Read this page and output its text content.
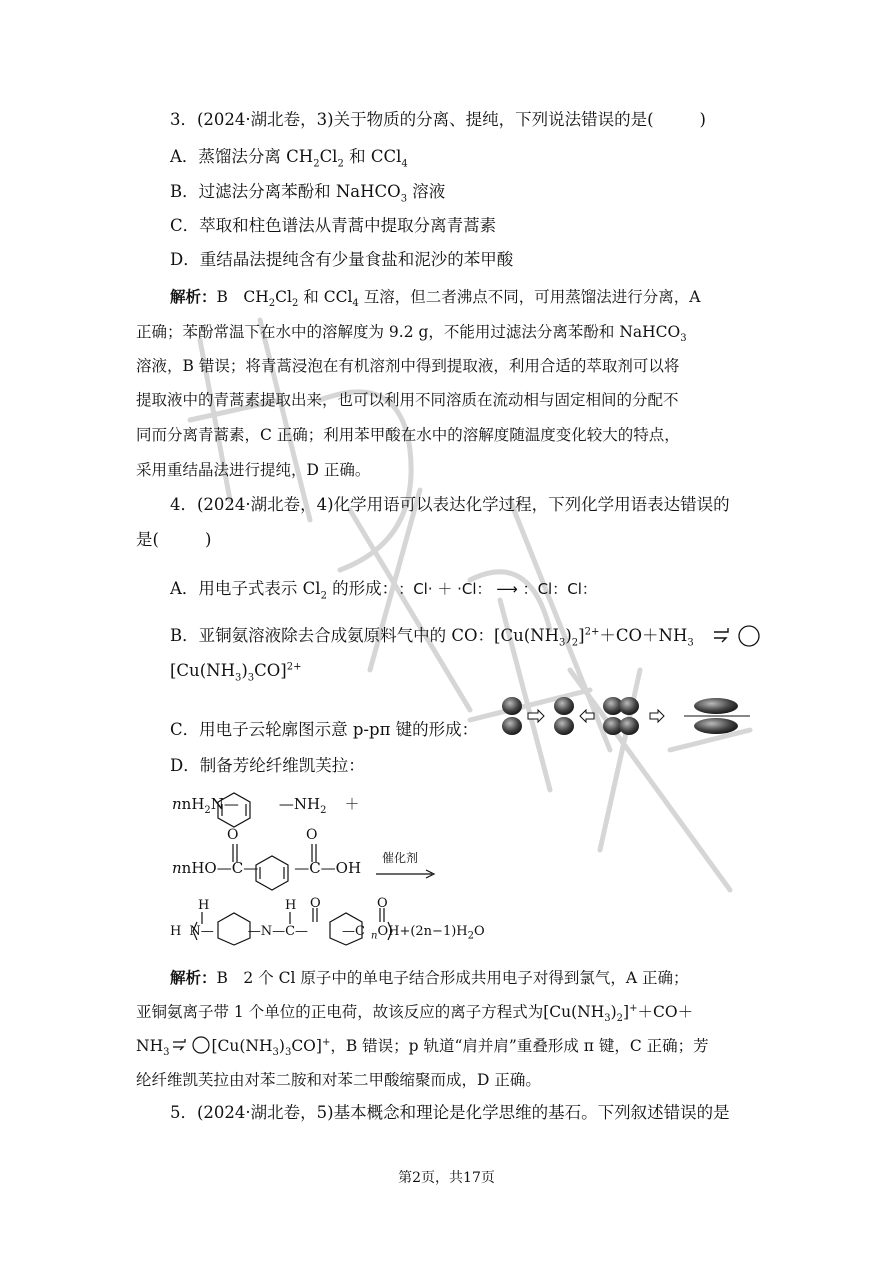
3．(2024·湖北卷，3)关于物质的分离、提纯，下列说法错误的是(	)
A．蒸馏法分离 $CH_2Cl_2$ 和 CCl$_4$
B．过滤法分离苯酚和 NaHCO$_3$ 溶液
C．萃取和柱色谱法从青蒿中提取分离青蒿素
D．重结晶法提纯含有少量食盐和泥沙的苯甲酸
解析：B　$CH_2Cl_2$ 和 CCl$_4$ 互溶，但二者沸点不同，可用蒸馏法进行分离，A
正确；苯酚常温下在水中的溶解度为 9.2 g，不能用过滤法分离苯酚和 NaHCO$_3$
溶液，B 错误；将青蒿浸泡在有机溶剂中得到提取液，利用合适的萃取剂可以将
提取液中的青蒿素提取出来，也可以利用不同溶质在流动相与固定相间的分配不
同而分离青蒿素，C 正确；利用苯甲酸在水中的溶解度随温度变化较大的特点，
采用重结晶法进行提纯，D 正确。
4．(2024·湖北卷，4)化学用语可以表达化学过程，下列化学用语表达错误的
是(	)
A．用电子式表示 $Cl_2$ 的形成：：Cl· ＋ ·Cl： ⟶ ：Cl：Cl：
B．亚铜氨溶液除去合成氨原料气中的 CO：$[Cu(NH_3)_2]^{2+}+CO+NH_3$
$[Cu(NH_3)_3CO]^{2+}$
C．用电子云轮廓图示意 p-pπ 键的形成：
D．制备芳纶纤维凯芙拉：
nnH$_2$N—	$—NH_2$ ＋
O	O
nnHO—C— —C—OH
催化剂
H	H O	O
H N—	—N—C—	—C $_nOH+(2n-1)H_2O$
解析：B　2 个 Cl 原子中的单电子结合形成共用电子对得到氯气，A 正确；
亚铜氨离子带 1 个单位的正电荷，故该反应的离子方程式为$[Cu(NH_3)_2]^++CO+$
$NH_3$	$[Cu(NH_3)_3CO]^+$，B 错误；p 轨道“肩并肩”重叠形成 π 键，C 正确；芳
纶纤维凯芙拉由对苯二胺和对苯二甲酸缩聚而成，D 正确。
5．(2024·湖北卷，5)基本概念和理论是化学思维的基石。下列叙述错误的是
第2页，共17页
